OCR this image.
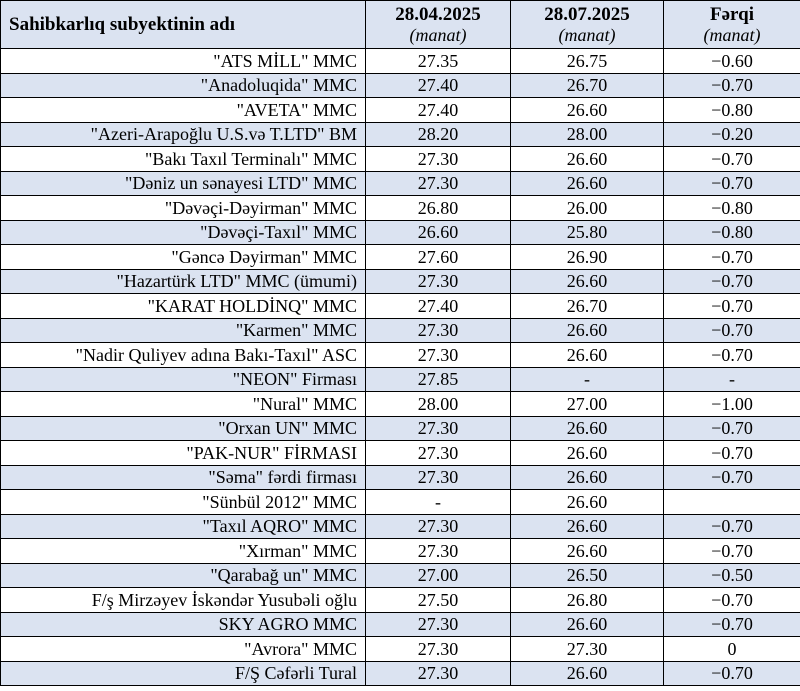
Sahibkarlıq subyektinin adı	28.04.2025
(manat)	28.07.2025
(manat)	Fərqi
(manat)

"ATS MİLL" MMC	27.35	26.75	−0.60
"Anadoluqida" MMC	27.40	26.70	−0.70
"AVETA" MMC	27.40	26.60	−0.80
"Azeri-Arapoğlu U.S.və T.LTD" BM	28.20	28.00	−0.20
"Bakı Taxıl Terminalı" MMC	27.30	26.60	−0.70
"Dəniz un sənayesi LTD" MMC	27.30	26.60	−0.70
"Dəvəçi-Dəyirman" MMC	26.80	26.00	−0.80
"Dəvəçi-Taxıl" MMC	26.60	25.80	−0.80
"Gəncə Dəyirman" MMC	27.60	26.90	−0.70
"Hazartürk LTD" MMC (ümumi)	27.30	26.60	−0.70
"KARAT HOLDİNQ" MMC	27.40	26.70	−0.70
"Karmen" MMC	27.30	26.60	−0.70
"Nadir Quliyev adına Bakı-Taxıl" ASC	27.30	26.60	−0.70
"NEON" Firması	27.85	-	-
"Nural" MMC	28.00	27.00	−1.00
"Orxan UN" MMC	27.30	26.60	−0.70
"PAK-NUR" FİRMASI	27.30	26.60	−0.70
"Səma" fərdi firması	27.30	26.60	−0.70
"Sünbül 2012" MMC	-	26.60	
"Taxıl AQRO" MMC	27.30	26.60	−0.70
"Xırman" MMC	27.30	26.60	−0.70
"Qarabağ un" MMC	27.00	26.50	−0.50
F/ş Mirzəyev İskəndər Yusubəli oğlu	27.50	26.80	−0.70
SKY AGRO MMC	27.30	26.60	−0.70
"Avrora" MMC	27.30	27.30	0
F/Ş Cəfərli Tural	27.30	26.60	−0.70
